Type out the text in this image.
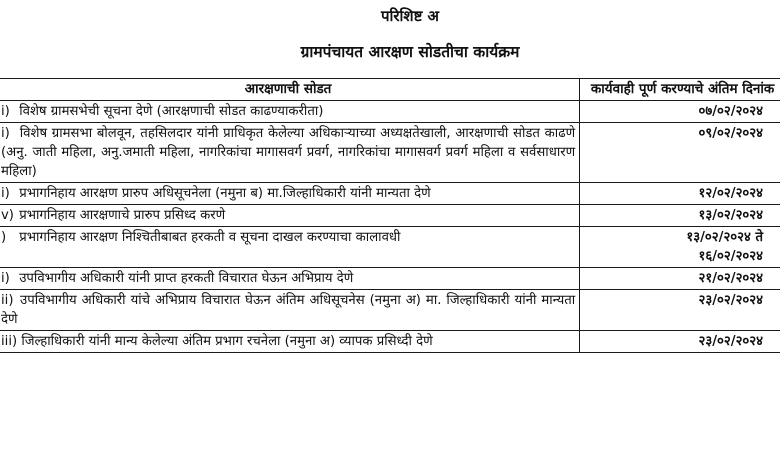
परिशिष्ट अ
ग्रामपंचायत आरक्षण सोडतीचा कार्यक्रम
आरक्षणाची सोडत	कार्यवाही पूर्ण करण्याचे अंतिम दिनांक
i) विशेष ग्रामसभेची सूचना देणे (आरक्षणाची सोडत काढण्याकरीता)	०७/०२/२०२४

i) विशेष ग्रामसभा बोलवून, तहसिलदार यांनी प्राधिकृत केलेल्या अधिकाऱ्याच्या अध्यक्षतेखाली, आरक्षणाची सोडत काढणे (अनु. जाती महिला, अनु.जमाती महिला, नागरिकांचा मागासवर्ग प्रवर्ग, नागरिकांचा मागासवर्ग प्रवर्ग महिला व सर्वसाधारण महिला)	०९/०२/२०२४

i) प्रभागनिहाय आरक्षण प्रारुप अधिसूचनेला (नमुना ब) मा.जिल्हाधिकारी यांनी मान्यता देणे	१२/०२/२०२४

v) प्रभागनिहाय आरक्षणाचे प्रारुप प्रसिध्द करणे	१३/०२/२०२४

) प्रभागनिहाय आरक्षण निश्चितीबाबत हरकती व सूचना दाखल करण्याचा कालावधी	१३/०२/२०२४ ते
१६/०२/२०२४

i) उपविभागीय अधिकारी यांनी प्राप्त हरकती विचारात घेऊन अभिप्राय देणे	२१/०२/२०२४

ii) उपविभागीय अधिकारी यांचे अभिप्राय विचारात घेऊन अंतिम अधिसूचनेस (नमुना अ) मा. जिल्हाधिकारी यांनी मान्यता देणे	२३/०२/२०२४

iii) जिल्हाधिकारी यांनी मान्य केलेल्या अंतिम प्रभाग रचनेला (नमुना अ) व्यापक प्रसिध्दी देणे	२३/०२/२०२४
